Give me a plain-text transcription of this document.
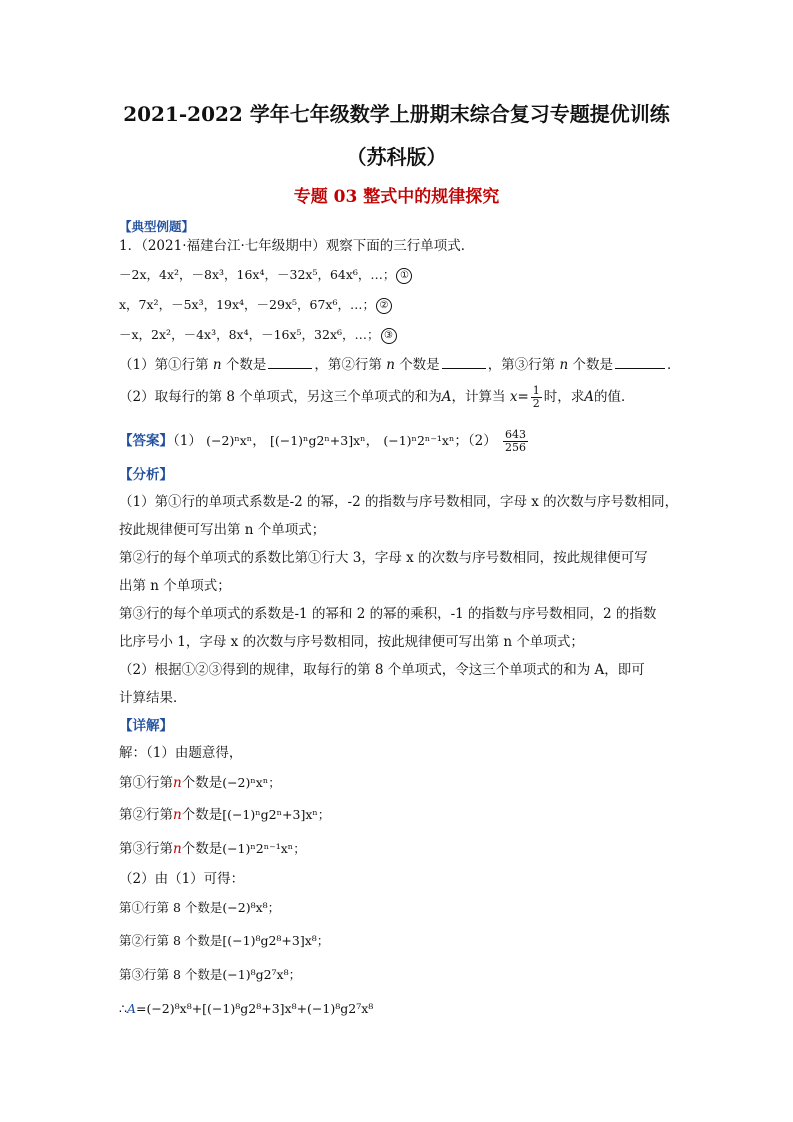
2021-2022 学年七年级数学上册期末综合复习专题提优训练
（苏科版）
专题 03 整式中的规律探究
【典型例题】
1．（2021·福建台江·七年级期中）观察下面的三行单项式．
－2x，4x²，－8x³，16x⁴，－32x⁵，64x⁶，…； ①
x，7x²，－5x³，19x⁴，－29x⁵，67x⁶，…； ②
－x，2x²，－4x³，8x⁴，－16x⁵，32x⁶，…； ③
（1）第①行第 n 个数是	，第②行第 n 个数是	，第③行第 n 个数是	．
（2）取每行的第 8 个单项式，另这三个单项式的和为A，计算当 $x= \frac{1}{2}$ 时，求A的值．
【答案】（1） (−2)ⁿxⁿ， [(−1)ⁿg2ⁿ+3]xⁿ， (−1)ⁿ2ⁿ⁻¹xⁿ；$(2) \frac{643}{256}$
【分析】
（1）第①行的单项式系数是-2 的幂，-2 的指数与序号数相同，字母 x 的次数与序号数相同，
按此规律便可写出第 n 个单项式；
第②行的每个单项式的系数比第①行大 3，字母 x 的次数与序号数相同，按此规律便可写
出第 n 个单项式；
第③行的每个单项式的系数是-1 的幂和 2 的幂的乘积，-1 的指数与序号数相同，2 的指数
比序号小 1，字母 x 的次数与序号数相同，按此规律便可写出第 n 个单项式；
（2）根据①②③得到的规律，取每行的第 8 个单项式，令这三个单项式的和为 A，即可
计算结果．
【详解】
解：（1）由题意得，
第①行第n个数是(−2)ⁿxⁿ；
第②行第n个数是[(−1)ⁿg2ⁿ+3]xⁿ；
第③行第n个数是(−1)ⁿ2ⁿ⁻¹xⁿ；
（2）由（1）可得：
第①行第 8 个数是(−2)⁸x⁸；
第②行第 8 个数是[(−1)⁸g2⁸+3]x⁸；
第③行第 8 个数是(−1)⁸g2⁷x⁸；
∴A=(−2)⁸x⁸+[(−1)⁸g2⁸+3]x⁸+(−1)⁸g2⁷x⁸
